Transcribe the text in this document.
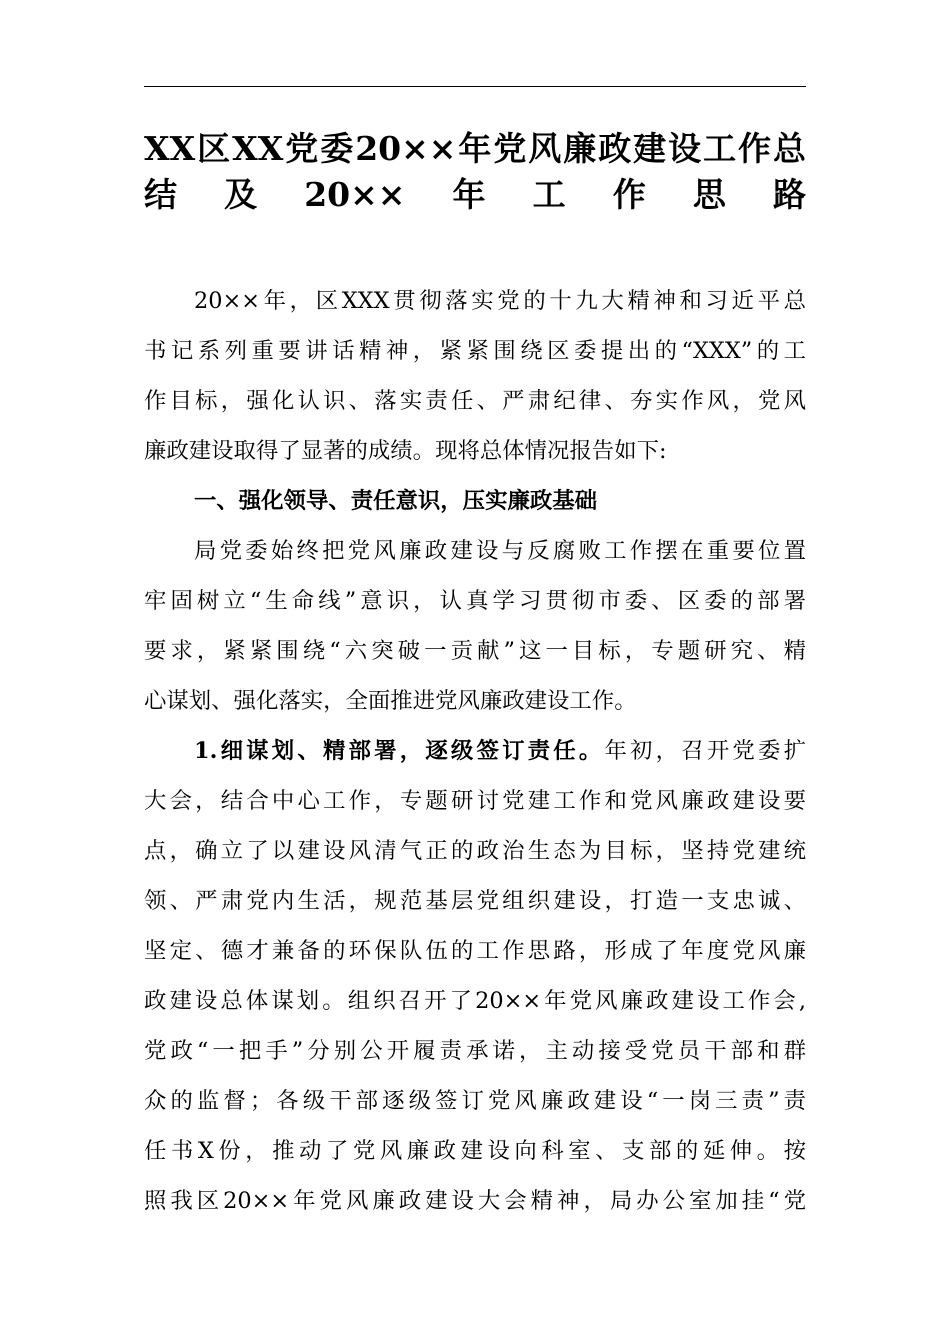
XX区XX党委20××年党风廉政建设工作总
结及20××年工作思路
20××年，区XXX贯彻落实党的十九大精神和习近平总
书记系列重要讲话精神，紧紧围绕区委提出的“XXX”的工
作目标，强化认识、落实责任、严肃纪律、夯实作风，党风
廉政建设取得了显著的成绩。现将总体情况报告如下:
一、强化领导、责任意识，压实廉政基础
局党委始终把党风廉政建设与反腐败工作摆在重要位置
牢固树立“生命线”意识，认真学习贯彻市委、区委的部署
要求，紧紧围绕“六突破一贡献”这一目标，专题研究、精
心谋划、强化落实，全面推进党风廉政建设工作。
1.细谋划、精部署，逐级签订责任。年初，召开党委扩
大会，结合中心工作，专题研讨党建工作和党风廉政建设要
点，确立了以建设风清气正的政治生态为目标，坚持党建统
领、严肃党内生活，规范基层党组织建设，打造一支忠诚、
坚定、德才兼备的环保队伍的工作思路，形成了年度党风廉
政建设总体谋划。组织召开了20××年党风廉政建设工作会,
党政“一把手”分别公开履责承诺，主动接受党员干部和群
众的监督；各级干部逐级签订党风廉政建设“一岗三责”责
任书X份，推动了党风廉政建设向科室、支部的延伸。按
照我区20××年党风廉政建设大会精神，局办公室加挂“党
